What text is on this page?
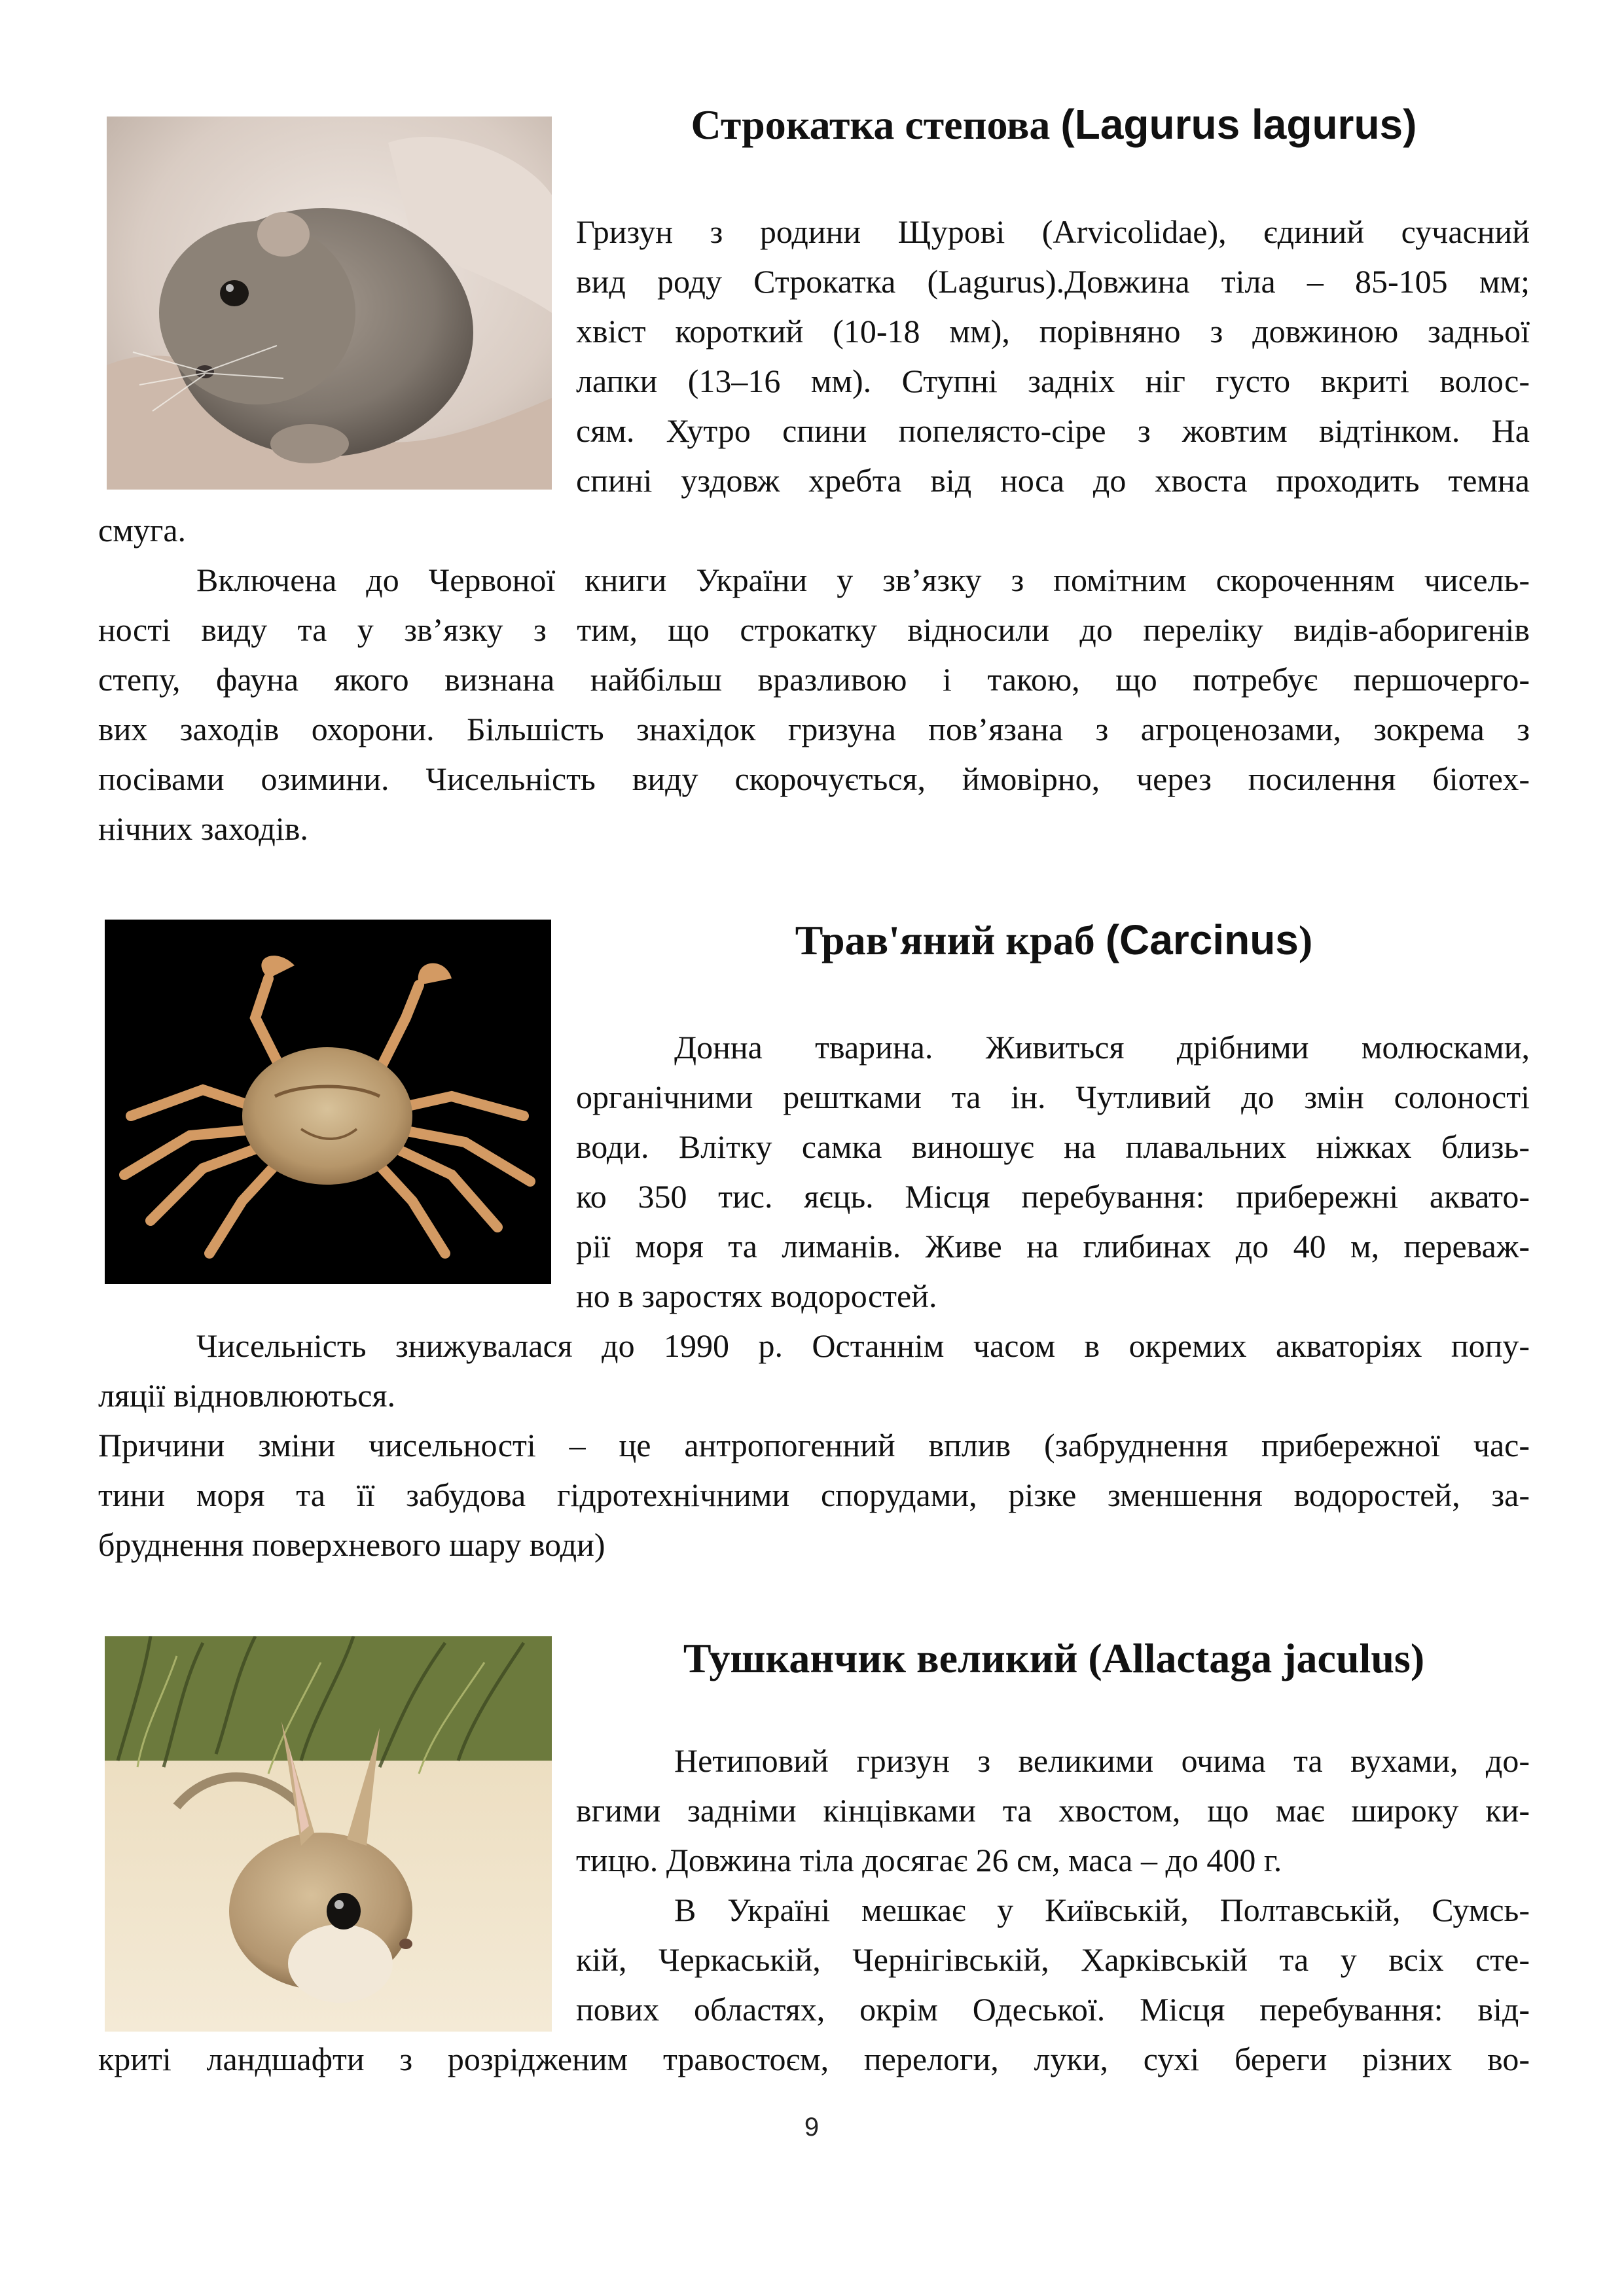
Строкатка степова (Lagurus lagurus)

Гризун з родини Щурові (Arvicolidae), єдиний сучасний

вид роду Строкатка (Lagurus).Довжина тіла – 85-105 мм;

хвіст короткий (10-18 мм), порівняно з довжиною задньої

лапки (13–16 мм). Ступні задніх ніг густо вкриті волос-

сям. Хутро спини попелясто-сіре з жовтим відтінком. На

спині уздовж хребта від носа до хвоста проходить темна

смуга.

Включена до Червоної книги України у зв’язку з помітним скороченням чисель-

ності виду та у зв’язку з тим, що строкатку відносили до переліку видів-аборигенів

степу, фауна якого визнана найбільш вразливою і такою, що потребує першочерго-

вих заходів охорони. Більшість знахідок гризуна пов’язана з агроценозами, зокрема з

посівами озимини. Чисельність виду скорочується, ймовірно, через посилення біотех-

нічних заходів.

Трав'яний краб (Carcinus)

Донна тварина. Живиться дрібними молюсками,

органічними рештками та ін. Чутливий до змін солоності

води. Влітку самка виношує на плавальних ніжках близь-

ко 350 тис. яєць. Місця перебування: прибережні аквато-

рії моря та лиманів. Живе на глибинах до 40 м, переваж-

но в заростях водоростей.

Чисельність знижувалася до 1990 р. Останнім часом в окремих акваторіях попу-

ляції відновлюються.

Причини зміни чисельності – це антропогенний вплив (забруднення прибережної час-

тини моря та її забудова гідротехнічними спорудами, різке зменшення водоростей, за-

бруднення поверхневого шару води)

Тушканчик великий (Allactaga jaculus)

Нетиповий гризун з великими очима та вухами, до-

вгими задніми кінцівками та хвостом, що має широку ки-

тицю. Довжина тіла досягає 26 см, маса – до 400 г.

В Україні мешкає у Київській, Полтавській, Сумсь-

кій, Черкаській, Чернігівській, Харківській та у всіх сте-

пових областях, окрім Одеської. Місця перебування: від-

криті ландшафти з розрідженим травостоєм, перелоги, луки, сухі береги різних во-

9
